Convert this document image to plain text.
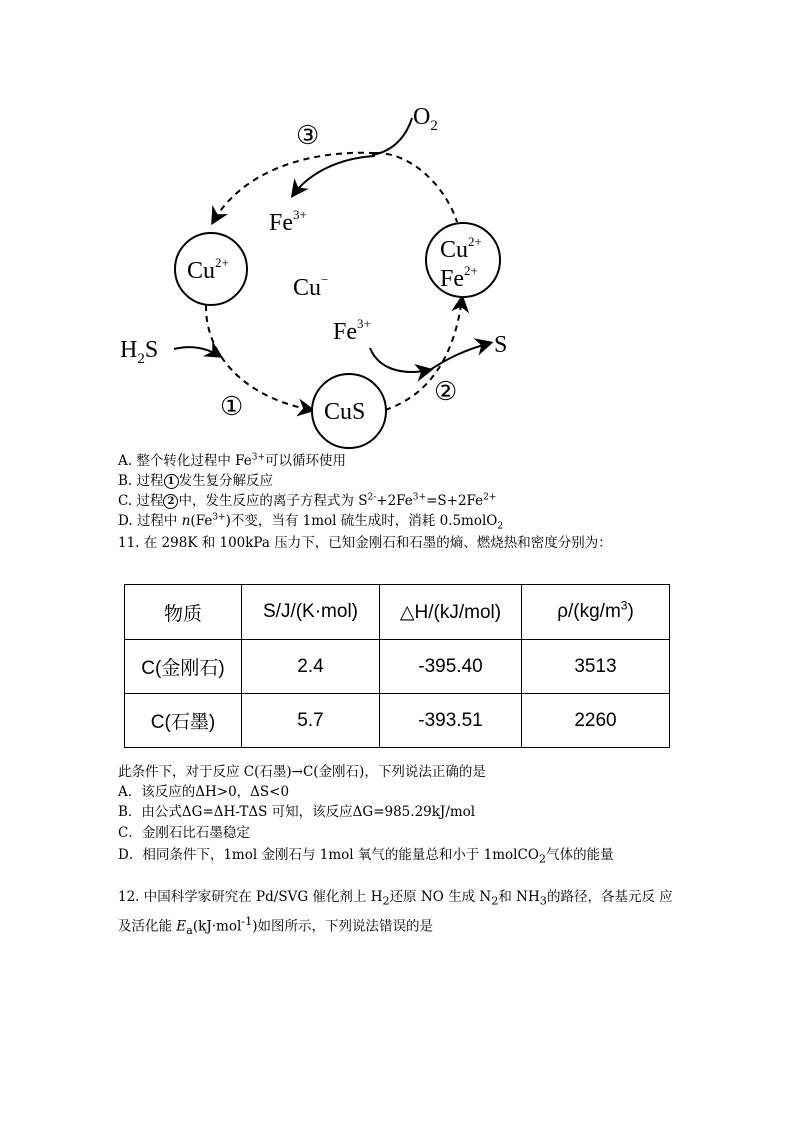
$O_2$
③
$Fe^{3+}$
$Cu^{2+}$
Cu−
$Cu^{2+}$
$Fe^{2+}$
$Fe^{3+}$
S
$H_2S$
①
②
CuS
A. 整个转化过程中 $Fe^{3+}$可以循环使用
B. 过程 1 发生复分解反应
C. 过程 2 中，发生反应的离子方程式为 $S^{2-}+2Fe^{3+}=S+2Fe^{2+}$
D. 过程中 $n(Fe^{3+})$不变，当有 1mol 硫生成时，消耗 0.5molO$_2$
11. 在 298K 和 100kPa 压力下，已知金刚石和石墨的熵、燃烧热和密度分别为：
物质	S/J/(K·mol)	△H/(kJ/mol)	$\rho/(kg/m^3)$
C(金刚石)	2.4	-395.40	3513
C(石墨)	5.7	-393.51	2260
此条件下，对于反应 C(石墨)→C(金刚石)，下列说法正确的是
A．该反应的ΔH>0，ΔS<0
B．由公式ΔG=ΔH-TΔS 可知，该反应ΔG=985.29kJ/mol
C．金刚石比石墨稳定
D．相同条件下，1mol 金刚石与 1mol 氧气的能量总和小于 1molCO$_2$气体的能量
12. 中国科学家研究在 Pd/SVG 催化剂上 $H_2$还原 NO 生成 $N_2$和 $NH_3$的路径，各基元反 应及活化能 $E_a(kJ\cdot mol^{-1})$如图所示，下列说法错误的是
